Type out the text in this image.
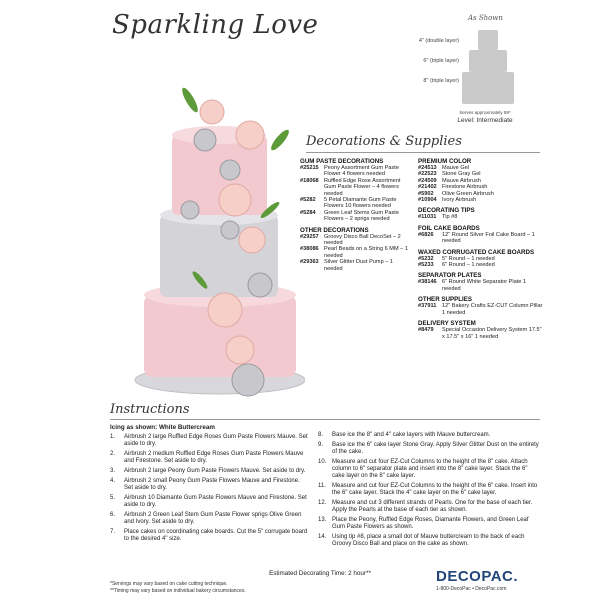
Sparkling Love	As Shown
4" (double layer)
6" (triple layer)
8" (triple layer)
Serves approximately 59*
Level: Intermediate
Decorations & Supplies
GUM PASTE DECORATIONS
#25215 Peony Assortment Gum Paste Flower 4 flowers needed
#18068 Ruffled Edge Rose Assortment Gum Paste Flower – 4 flowers needed
#5282	5 Petal Diamante Gum Paste Flowers 10 flowers needed
#5284	Green Leaf Stems Gum Paste Flowers – 2 sprigs needed
OTHER DECORATIONS
#29257 Groovy Disco Ball DecoSet – 2 needed
#38086 Pearl Beads on a String 6 MM – 1 needed
#29363 Silver Glitter Dust Pump – 1 needed
PREMIUM COLOR
#24513 Mauve Gel
#22523 Stone Gray Gel
#24509 Mauve Airbrush
#21402 Firestone Airbrush
#5902	Olive Green Airbrush
#10904 Ivory Airbrush
DECORATING TIPS
#11031	Tip #8
FOIL CAKE BOARDS
#6826	12" Round Silver Foil Cake Board – 1 needed
WAXED CORRUGATED CAKE BOARDS
#5232	5" Round – 1 needed
#5233	6" Round – 1 needed
SEPARATOR PLATES
#38146 6" Round White Separator Plate 1 needed
OTHER SUPPLIES
#37911	12" Bakery Crafts EZ-CUT Column Pillar 1 needed
DELIVERY SYSTEM
#8479	Special Occasion Delivery System 17.5" x 17.5" x 16" 1 needed
Instructions
Icing as shown: White Buttercream
1.	Airbrush 2 large Ruffled Edge Roses Gum Paste Flowers Mauve. Set aside to dry.
2.	Airbrush 2 medium Ruffled Edge Roses Gum Paste Flowers Mauve and Firestone. Set aside to dry.
3.	Airbrush 2 large Peony Gum Paste Flowers Mauve. Set aside to dry.
4.	Airbrush 2 small Peony Gum Paste Flowers Mauve and Firestone. Set aside to dry.
5.	Airbrush 10 Diamante Gum Paste Flowers Mauve and Firestone. Set aside to dry.
6.	Airbrush 2 Green Leaf Stem Gum Paste Flower sprigs Olive Green and Ivory. Set aside to dry.
7.	Place cakes on coordinating cake boards. Cut the 5" corrugate board to the desired 4" size.
8.	Base ice the 8" and 4" cake layers with Mauve buttercream.
9.	Base ice the 6" cake layer Stone Gray. Apply Silver Glitter Dust on the entirety of the cake.
10. Measure and cut four EZ-Cut Columns to the height of the 8" cake. Attach column to 6" separator plate and insert into the 8" cake layer. Stack the 6" cake layer on the 8" cake layer.
11.	Measure and cut four EZ-Cut Columns to the height of the 6" cake. Insert into the 6" cake layer. Stack the 4" cake layer on the 6" cake layer.
12. Measure and cut 3 different strands of Pearls. One for the base of each tier. Apply the Pearls at the base of each tier as shown.
13. Place the Peony, Ruffled Edge Roses, Diamante Flowers, and Green Leaf Gum Paste Flowers as shown.
14. Using tip #8, place a small dot of Mauve buttercream to the back of each Groovy Disco Ball and place on the cake as shown.
Estimated Decorating Time: 2 hour**
*Servings may vary based on cake cutting technique.
**Timing may vary based on individual bakery circumstances.
DECOPAC.
1-800-DecoPac • DecoPac.com
